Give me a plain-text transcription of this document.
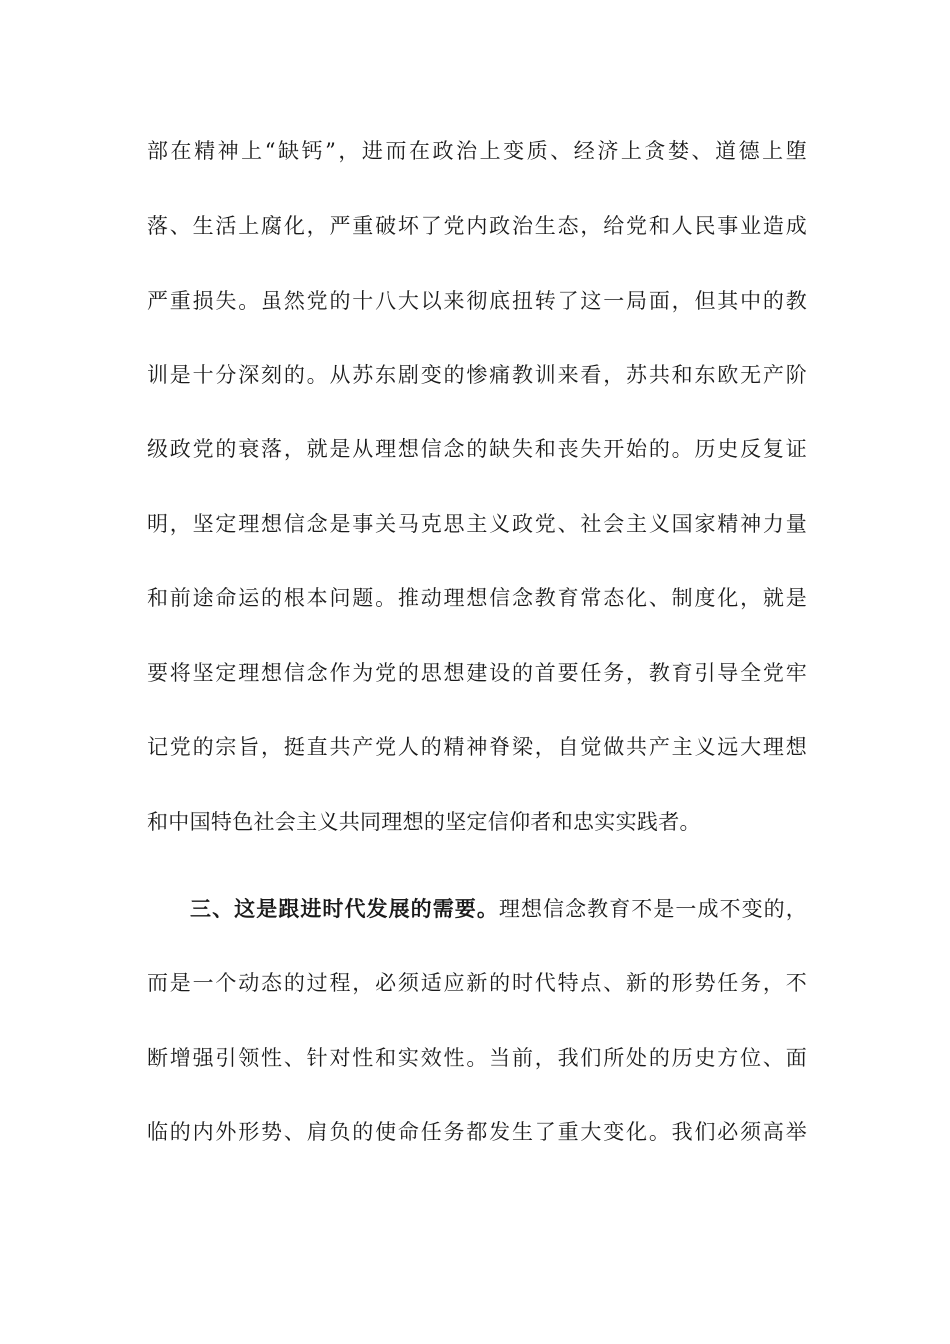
部在精神上“缺钙”，进而在政治上变质、经济上贪婪、道德上堕
落、生活上腐化，严重破坏了党内政治生态，给党和人民事业造成
严重损失。虽然党的十八大以来彻底扭转了这一局面，但其中的教
训是十分深刻的。从苏东剧变的惨痛教训来看，苏共和东欧无产阶
级政党的衰落，就是从理想信念的缺失和丧失开始的。历史反复证
明，坚定理想信念是事关马克思主义政党、社会主义国家精神力量
和前途命运的根本问题。推动理想信念教育常态化、制度化，就是
要将坚定理想信念作为党的思想建设的首要任务，教育引导全党牢
记党的宗旨，挺直共产党人的精神脊梁，自觉做共产主义远大理想
和中国特色社会主义共同理想的坚定信仰者和忠实实践者。
三、这是跟进时代发展的需要。理想信念教育不是一成不变的，
而是一个动态的过程，必须适应新的时代特点、新的形势任务，不
断增强引领性、针对性和实效性。当前，我们所处的历史方位、面
临的内外形势、肩负的使命任务都发生了重大变化。我们必须高举
